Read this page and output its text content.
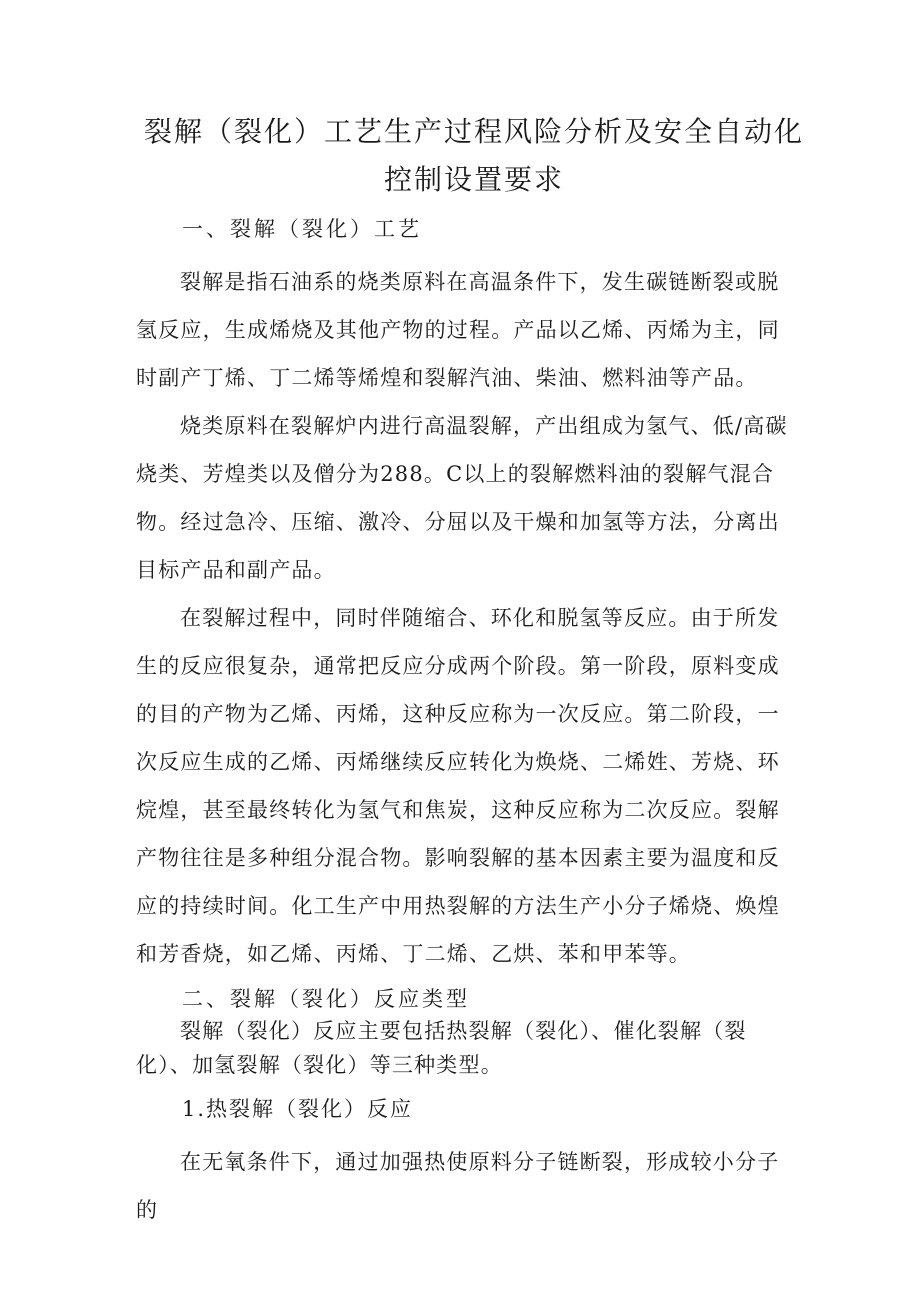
裂解（裂化）工艺生产过程风险分析及安全自动化
控制设置要求
一、裂解（裂化）工艺

裂解是指石油系的烧类原料在高温条件下，发生碳链断裂或脱氢反应，生成烯烧及其他产物的过程。产品以乙烯、丙烯为主，同时副产丁烯、丁二烯等烯煌和裂解汽油、柴油、燃料油等产品。

烧类原料在裂解炉内进行高温裂解，产出组成为氢气、低/高碳烧类、芳煌类以及僧分为288。C以上的裂解燃料油的裂解气混合物。经过急冷、压缩、激冷、分屈以及干燥和加氢等方法，分离出目标产品和副产品。

在裂解过程中，同时伴随缩合、环化和脱氢等反应。由于所发生的反应很复杂，通常把反应分成两个阶段。第一阶段，原料变成的目的产物为乙烯、丙烯，这种反应称为一次反应。第二阶段，一次反应生成的乙烯、丙烯继续反应转化为焕烧、二烯姓、芳烧、环烷煌，甚至最终转化为氢气和焦炭，这种反应称为二次反应。裂解产物往往是多种组分混合物。影响裂解的基本因素主要为温度和反应的持续时间。化工生产中用热裂解的方法生产小分子烯烧、焕煌和芳香烧，如乙烯、丙烯、丁二烯、乙烘、苯和甲苯等。

二、裂解（裂化）反应类型

裂解（裂化）反应主要包括热裂解（裂化）、催化裂解（裂化）、加氢裂解（裂化）等三种类型。

1.热裂解（裂化）反应

在无氧条件下，通过加强热使原料分子链断裂，形成较小分子的
